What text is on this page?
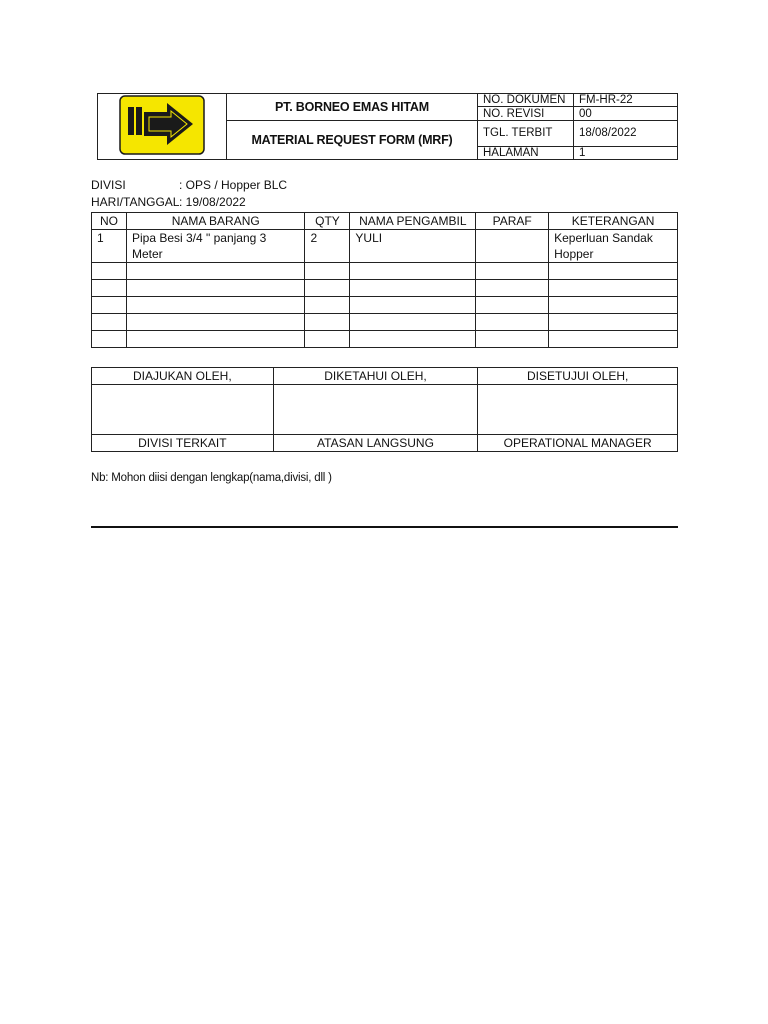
	PT. BORNEO EMAS HITAM	NO. DOKUMEN	FM-HR-22
		NO. REVISI	00
	MATERIAL REQUEST FORM (MRF)	TGL. TERBIT	18/08/2022
		HALAMAN	1
DIVISI	: OPS / Hopper BLC
HARI/TANGGAL: 19/08/2022
NO	NAMA BARANG	QTY	NAMA PENGAMBIL	PARAF	KETERANGAN
1	Pipa Besi 3/4 " panjang 3 Meter	2	YULI		Keperluan Sandak Hopper

DIAJUKAN OLEH,	DIKETAHUI OLEH,	DISETUJUI OLEH,

DIVISI TERKAIT	ATASAN LANGSUNG	OPERATIONAL MANAGER
Nb: Mohon diisi dengan lengkap(nama,divisi, dll )
